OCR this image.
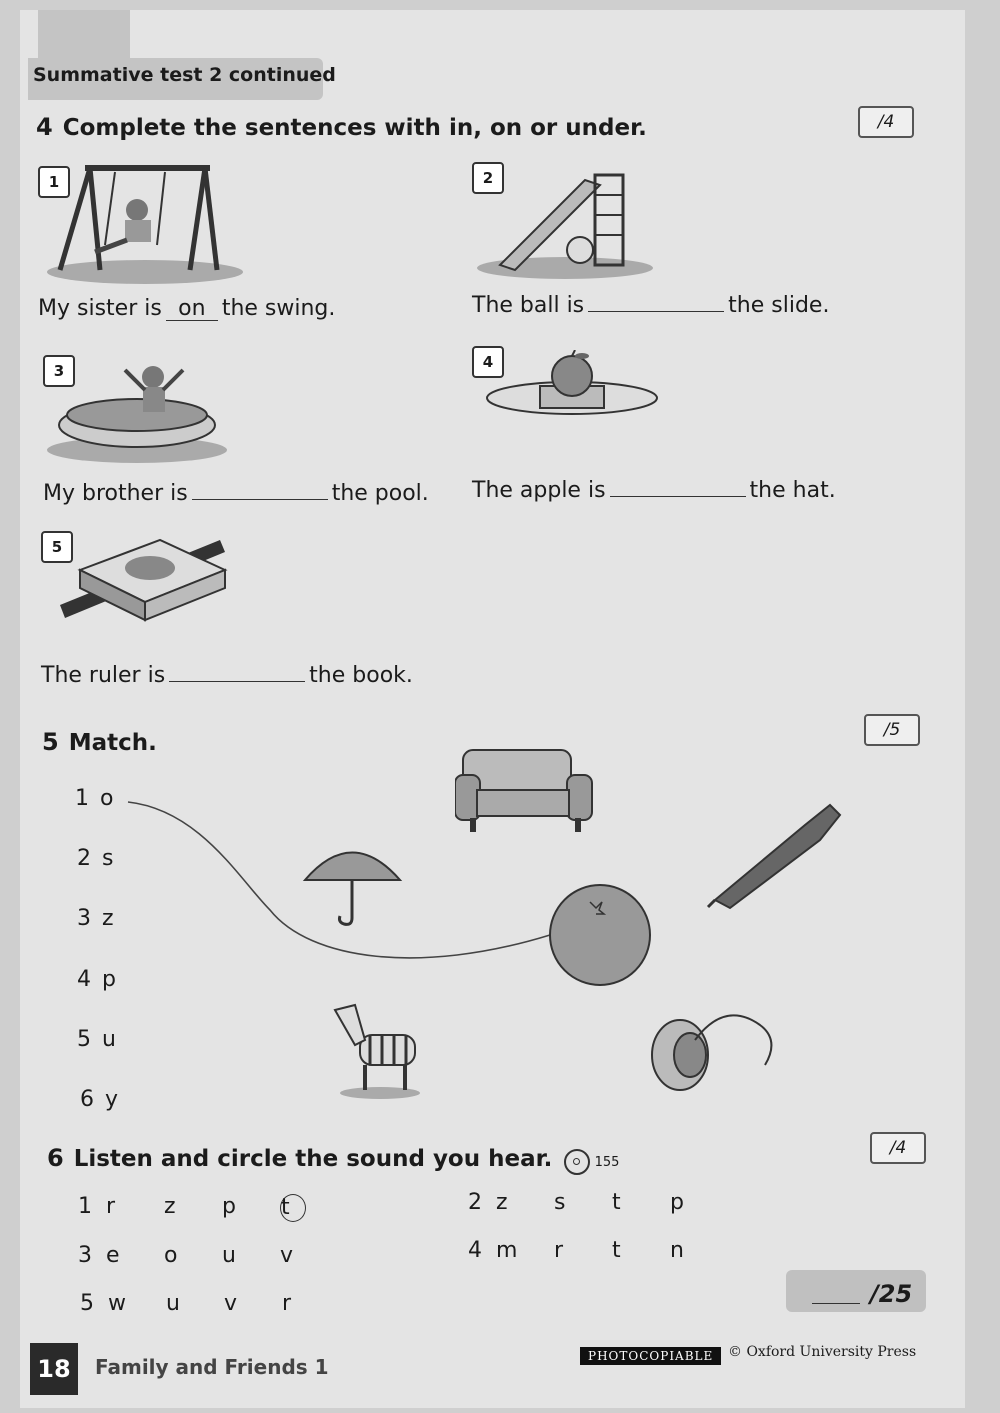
Summative test 2 continued
4 Complete the sentences with in, on or under.	/4
1
My sister is on the swing.
2
The ball is	the slide.
3
My brother is	the pool.
4
The apple is	the hat.
5
The ruler is	the book.
5 Match.	/5
1 o
2 s
3 z
4 p
5 u
6 y
6 Listen and circle the sound you hear.	155
/4
1 r	z	p	t	2 z	s	t	p
3 e	o	u	v	4 m	r	t	n
5 w	u	v	r	/25
18	Family and Friends 1	PHOTOCOPIABLE	© Oxford University Press
